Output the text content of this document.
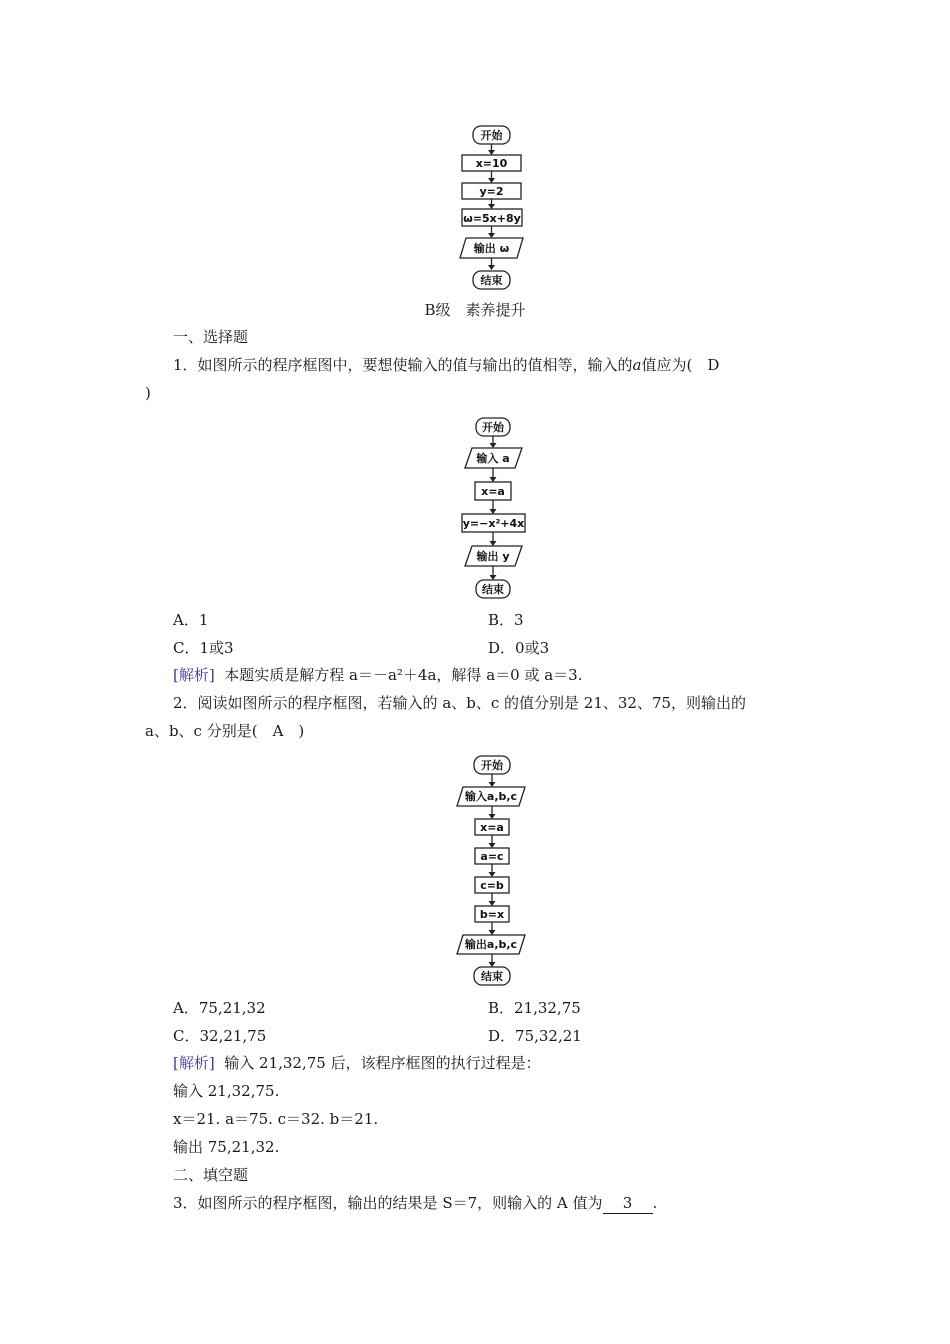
开始
x=10
y=2
ω=5x+8y
输出 ω
结束
B级　素养提升
一、选择题
1．如图所示的程序框图中，要想使输入的值与输出的值相等，输入的a值应为(　D
)
开始
输入 a
x=a
y=−x²+4x
输出 y
结束
A．1	B．3
C．1或3	D．0或3
[解析] 本题实质是解方程 a＝－a²＋4a，解得 a＝0 或 a＝3.
2．阅读如图所示的程序框图，若输入的 a、b、c 的值分别是 21、32、75，则输出的
a、b、c 分别是(　A　)
开始
输入a,b,c
x=a
a=c
c=b
b=x
输出a,b,c
结束
A．75,21,32	B．21,32,75
C．32,21,75	D．75,32,21
[解析] 输入 21,32,75 后，该程序框图的执行过程是：
输入 21,32,75.
x＝21. a＝75. c＝32. b＝21.
输出 75,21,32.
二、填空题
3．如图所示的程序框图，输出的结果是 S＝7，则输入的 A 值为 3 .
